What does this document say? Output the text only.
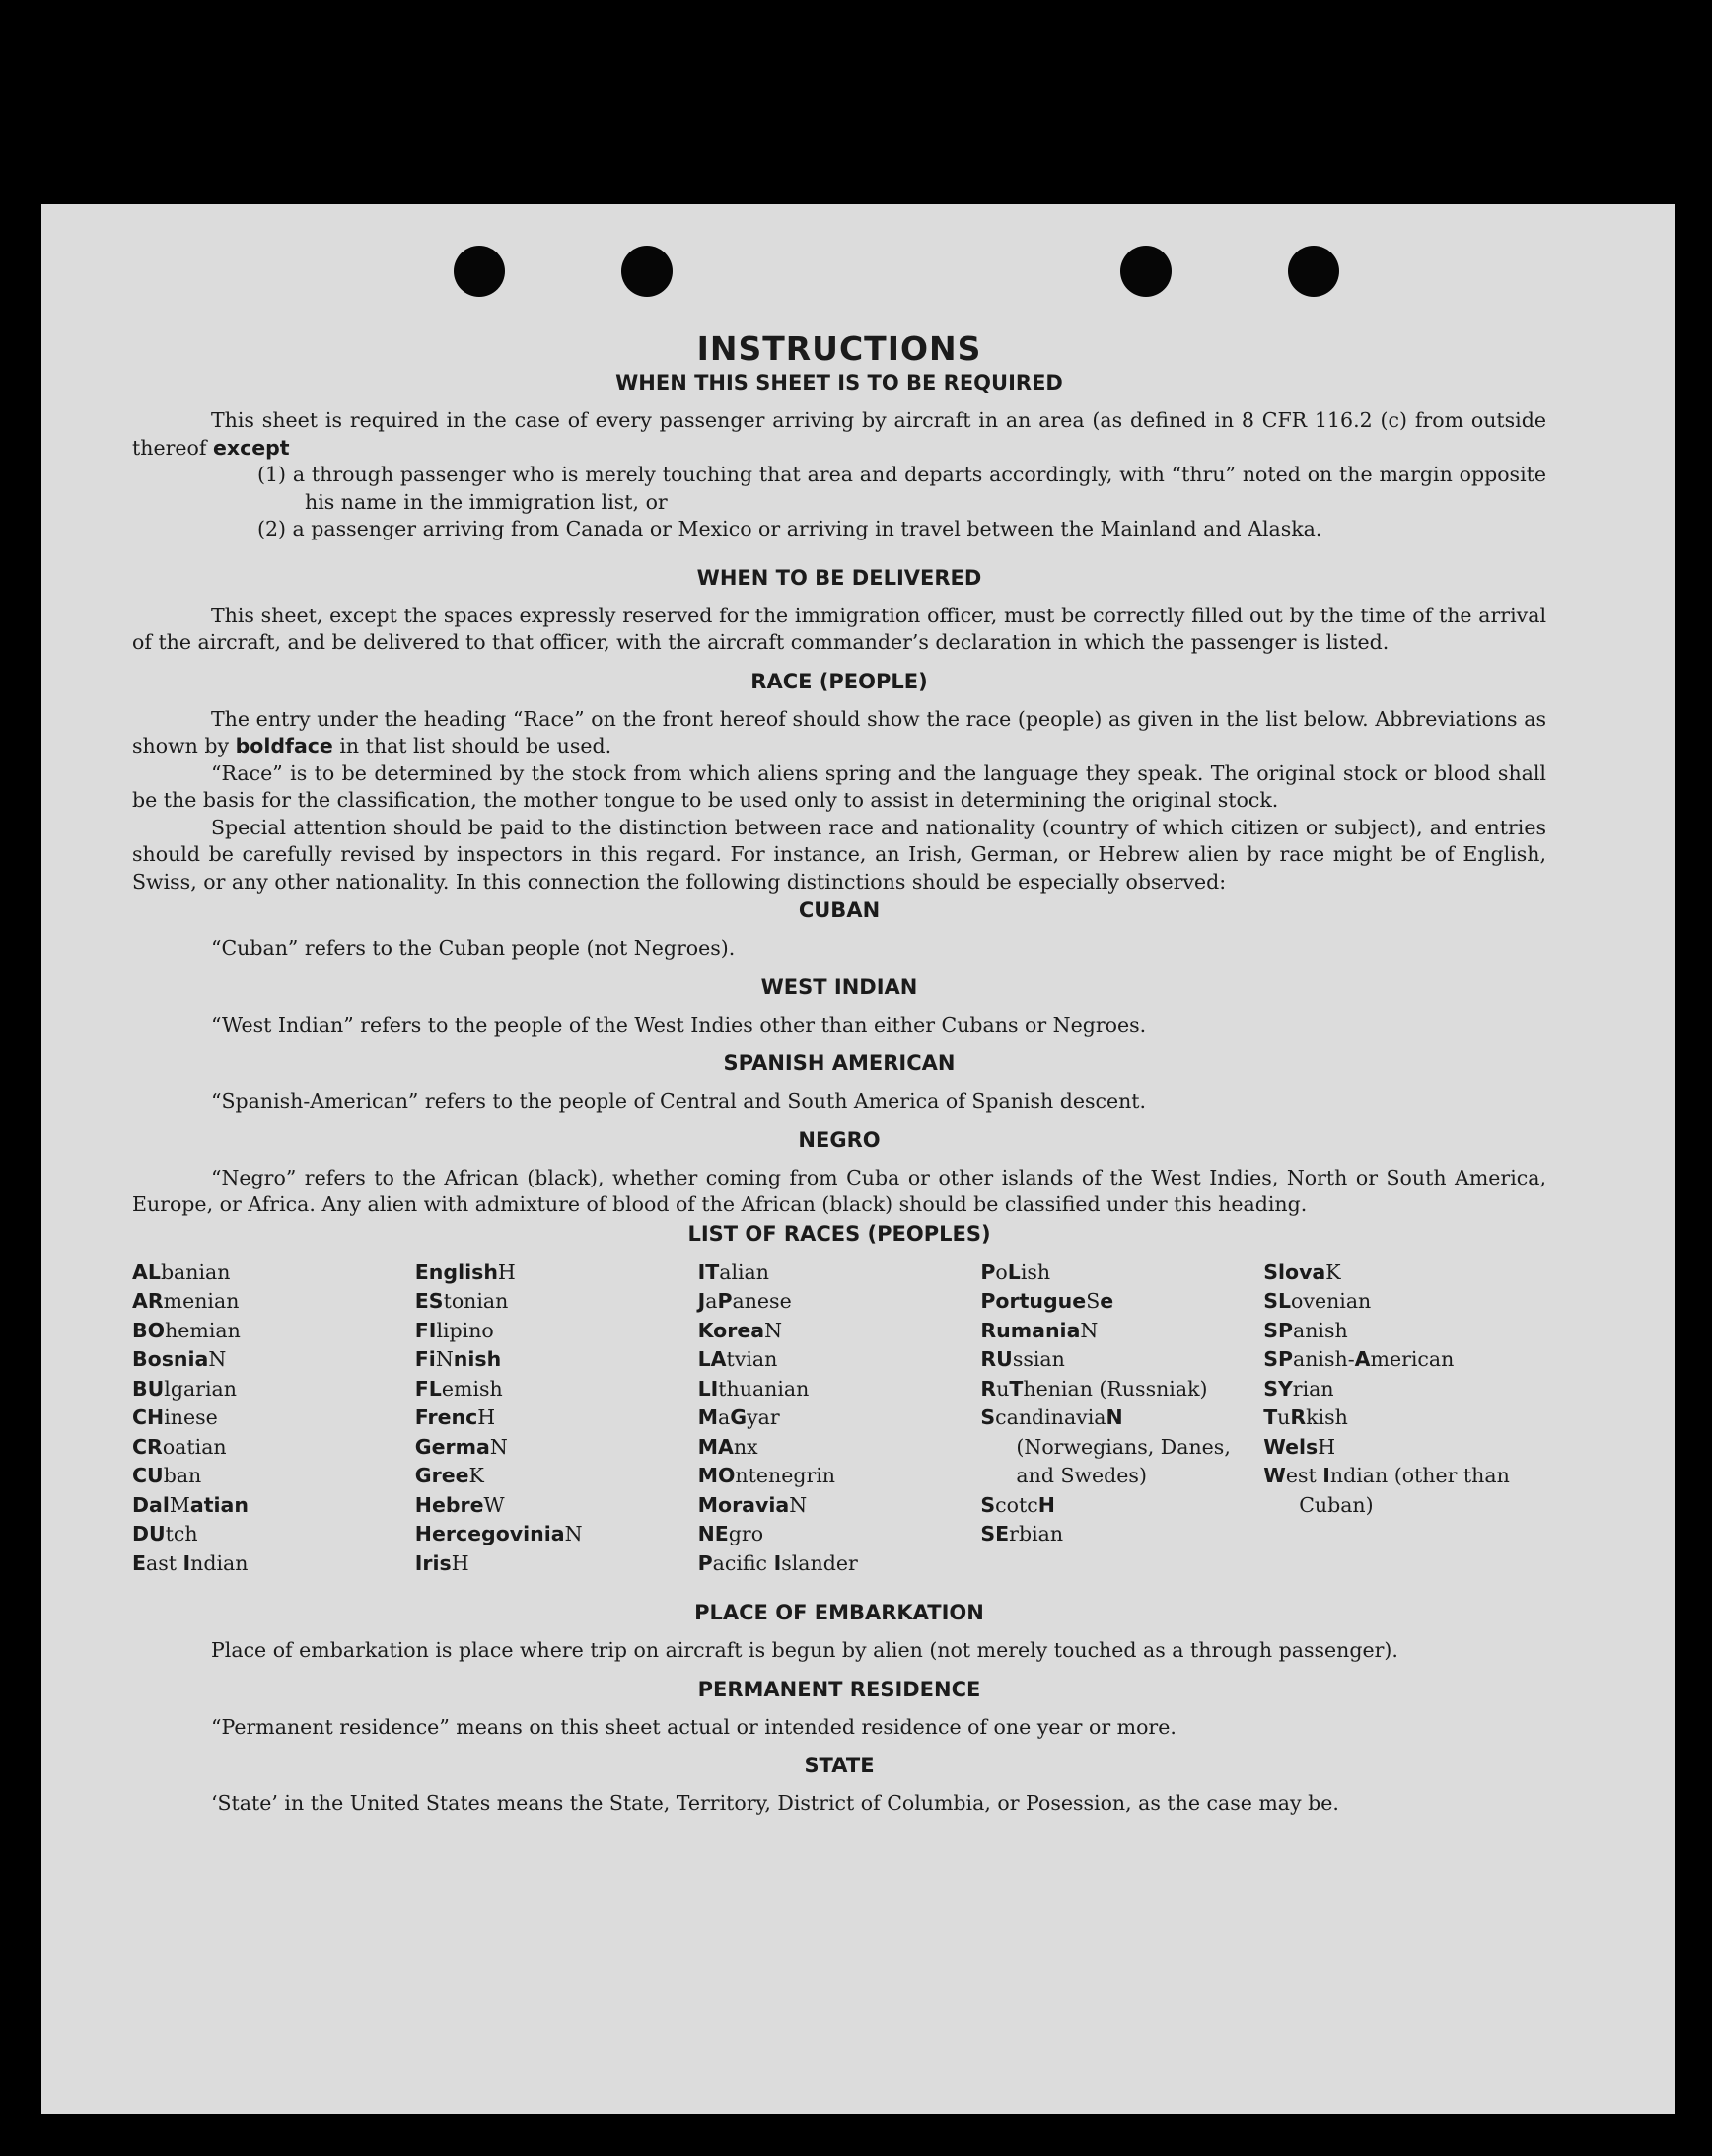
INSTRUCTIONS
WHEN THIS SHEET IS TO BE REQUIRED

This sheet is required in the case of every passenger arriving by aircraft in an area (as defined in 8 CFR 116.2 (c) from outside thereof except

(1) a through passenger who is merely touching that area and departs accordingly, with “thru” noted on the margin opposite his name in the immigration list, or

(2) a passenger arriving from Canada or Mexico or arriving in travel between the Mainland and Alaska.

WHEN TO BE DELIVERED

This sheet, except the spaces expressly reserved for the immigration officer, must be correctly filled out by the time of the arrival of the aircraft, and be delivered to that officer, with the aircraft commander’s declaration in which the passenger is listed.

RACE (PEOPLE)

The entry under the heading “Race” on the front hereof should show the race (people) as given in the list below. Abbreviations as shown by boldface in that list should be used.

“Race” is to be determined by the stock from which aliens spring and the language they speak. The original stock or blood shall be the basis for the classification, the mother tongue to be used only to assist in determining the original stock.

Special attention should be paid to the distinction between race and nationality (country of which citizen or subject), and entries should be carefully revised by inspectors in this regard. For instance, an Irish, German, or Hebrew alien by race might be of English, Swiss, or any other nationality. In this connection the following distinctions should be especially observed:

CUBAN

“Cuban” refers to the Cuban people (not Negroes).

WEST INDIAN

“West Indian” refers to the people of the West Indies other than either Cubans or Negroes.

SPANISH AMERICAN

“Spanish-American” refers to the people of Central and South America of Spanish descent.

NEGRO

“Negro” refers to the African (black), whether coming from Cuba or other islands of the West Indies, North or South America, Europe, or Africa. Any alien with admixture of blood of the African (black) should be classified under this heading.

LIST OF RACES (PEOPLES)
ALbanian
ARmenian
BOhemian
BosniaN
BUlgarian
CHinese
CRoatian
CUban
DalMatian
DUtch
East Indian
EnglishH
EStonian
FIlipino
FiNnish
FLemish
FrencH
GermaN
GreeK
HebreW
HercegoviniaN
IrisH
ITalian
JaPanese
KoreaN
LAtvian
LIthuanian
MaGyar
MAnx
MOntenegrin
MoraviaN
NEgro
Pacific Islander
PoLish
PortugueSe
RumaniaN
RUssian
RuThenian (Russniak)
ScandinaviaN (Norwegians, Danes, and Swedes)
ScotcH
SErbian
SlovaK
SLovenian
SPanish
SPanish-American
SYrian
TuRkish
WelsH
West Indian (other than Cuban)
PLACE OF EMBARKATION

Place of embarkation is place where trip on aircraft is begun by alien (not merely touched as a through passenger).

PERMANENT RESIDENCE

“Permanent residence” means on this sheet actual or intended residence of one year or more.

STATE

‘State’ in the United States means the State, Territory, District of Columbia, or Posession, as the case may be.
